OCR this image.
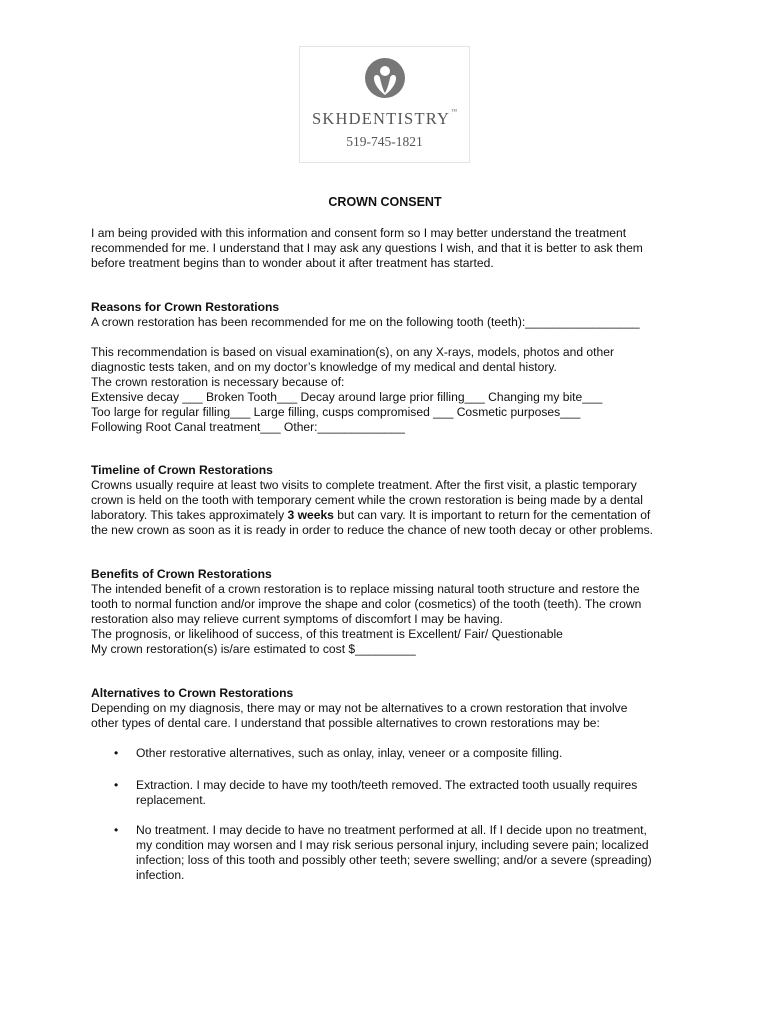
SKHDENTISTRY™
519-745-1821
CROWN CONSENT
I am being provided with this information and consent form so I may better understand the treatment
recommended for me. I understand that I may ask any questions I wish, and that it is better to ask them
before treatment begins than to wonder about it after treatment has started.
Reasons for Crown Restorations
A crown restoration has been recommended for me on the following tooth (teeth):_________________
This recommendation is based on visual examination(s), on any X-rays, models, photos and other
diagnostic tests taken, and on my doctor’s knowledge of my medical and dental history.
The crown restoration is necessary because of:
Extensive decay ___ Broken Tooth___ Decay around large prior filling___ Changing my bite___
Too large for regular filling___ Large filling, cusps compromised ___ Cosmetic purposes___
Following Root Canal treatment___ Other:_____________
Timeline of Crown Restorations
Crowns usually require at least two visits to complete treatment. After the first visit, a plastic temporary
crown is held on the tooth with temporary cement while the crown restoration is being made by a dental
laboratory. This takes approximately 3 weeks but can vary. It is important to return for the cementation of
the new crown as soon as it is ready in order to reduce the chance of new tooth decay or other problems.
Benefits of Crown Restorations
The intended benefit of a crown restoration is to replace missing natural tooth structure and restore the
tooth to normal function and/or improve the shape and color (cosmetics) of the tooth (teeth). The crown
restoration also may relieve current symptoms of discomfort I may be having.
The prognosis, or likelihood of success, of this treatment is Excellent/ Fair/ Questionable
My crown restoration(s) is/are estimated to cost $_________
Alternatives to Crown Restorations
Depending on my diagnosis, there may or may not be alternatives to a crown restoration that involve
other types of dental care. I understand that possible alternatives to crown restorations may be:
• Other restorative alternatives, such as onlay, inlay, veneer or a composite filling.
• Extraction. I may decide to have my tooth/teeth removed. The extracted tooth usually requires
replacement.
• No treatment. I may decide to have no treatment performed at all. If I decide upon no treatment,
my condition may worsen and I may risk serious personal injury, including severe pain; localized
infection; loss of this tooth and possibly other teeth; severe swelling; and/or a severe (spreading)
infection.
